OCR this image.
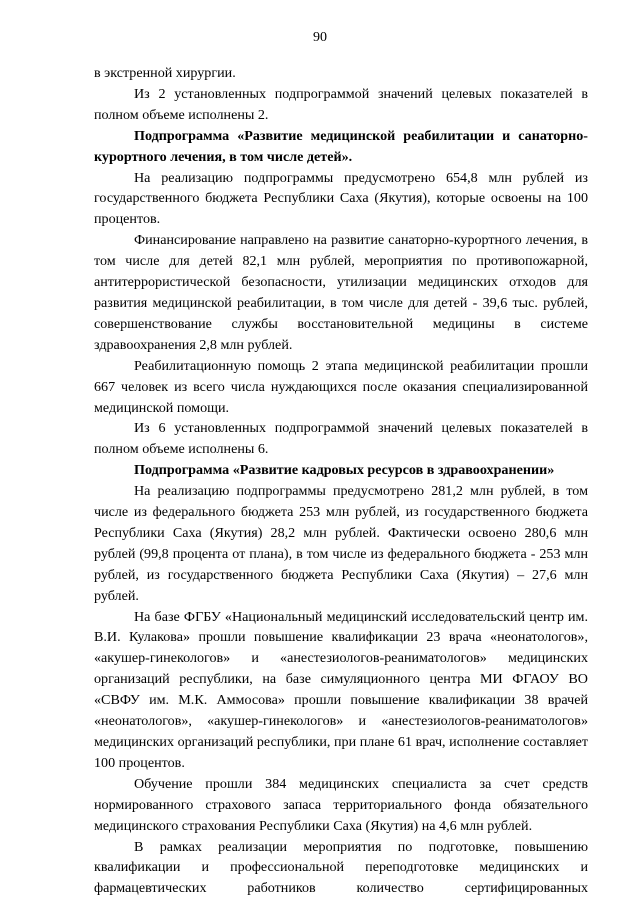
90

в экстренной хирургии.

Из 2 установленных подпрограммой значений целевых показателей в полном объеме исполнены 2.

Подпрограмма «Развитие медицинской реабилитации и санаторно-курортного лечения, в том числе детей».

На реализацию подпрограммы предусмотрено 654,8 млн рублей из государственного бюджета Республики Саха (Якутия), которые освоены на 100 процентов.

Финансирование направлено на развитие санаторно-курортного лечения, в том числе для детей 82,1 млн рублей, мероприятия по противопожарной, антитеррористической безопасности, утилизации медицинских отходов для развития медицинской реабилитации, в том числе для детей - 39,6 тыс. рублей, совершенствование службы восстановительной медицины в системе здравоохранения 2,8 млн рублей.

Реабилитационную помощь 2 этапа медицинской реабилитации прошли 667 человек из всего числа нуждающихся после оказания специализированной медицинской помощи.

Из 6 установленных подпрограммой значений целевых показателей в полном объеме исполнены 6.

Подпрограмма «Развитие кадровых ресурсов в здравоохранении»

На реализацию подпрограммы предусмотрено 281,2 млн рублей, в том числе из федерального бюджета 253 млн рублей, из государственного бюджета Республики Саха (Якутия) 28,2 млн рублей. Фактически освоено 280,6 млн рублей (99,8 процента от плана), в том числе из федерального бюджета - 253 млн рублей, из государственного бюджета Республики Саха (Якутия) – 27,6 млн рублей.

На базе ФГБУ «Национальный медицинский исследовательский центр им. В.И. Кулакова» прошли повышение квалификации 23 врача «неонатологов», «акушер-гинекологов» и «анестезиологов-реаниматологов» медицинских организаций республики, на базе симуляционного центра МИ ФГАОУ ВО «СВФУ им. М.К. Аммосова» прошли повышение квалификации 38 врачей «неонатологов», «акушер-гинекологов» и «анестезиологов-реаниматологов» медицинских организаций республики, при плане 61 врач, исполнение составляет 100 процентов.

Обучение прошли 384 медицинских специалиста за счет средств нормированного страхового запаса территориального фонда обязательного медицинского страхования Республики Саха (Якутия) на 4,6 млн рублей.

В рамках реализации мероприятия по подготовке, повышению квалификации и профессиональной переподготовке медицинских и фармацевтических работников количество сертифицированных
